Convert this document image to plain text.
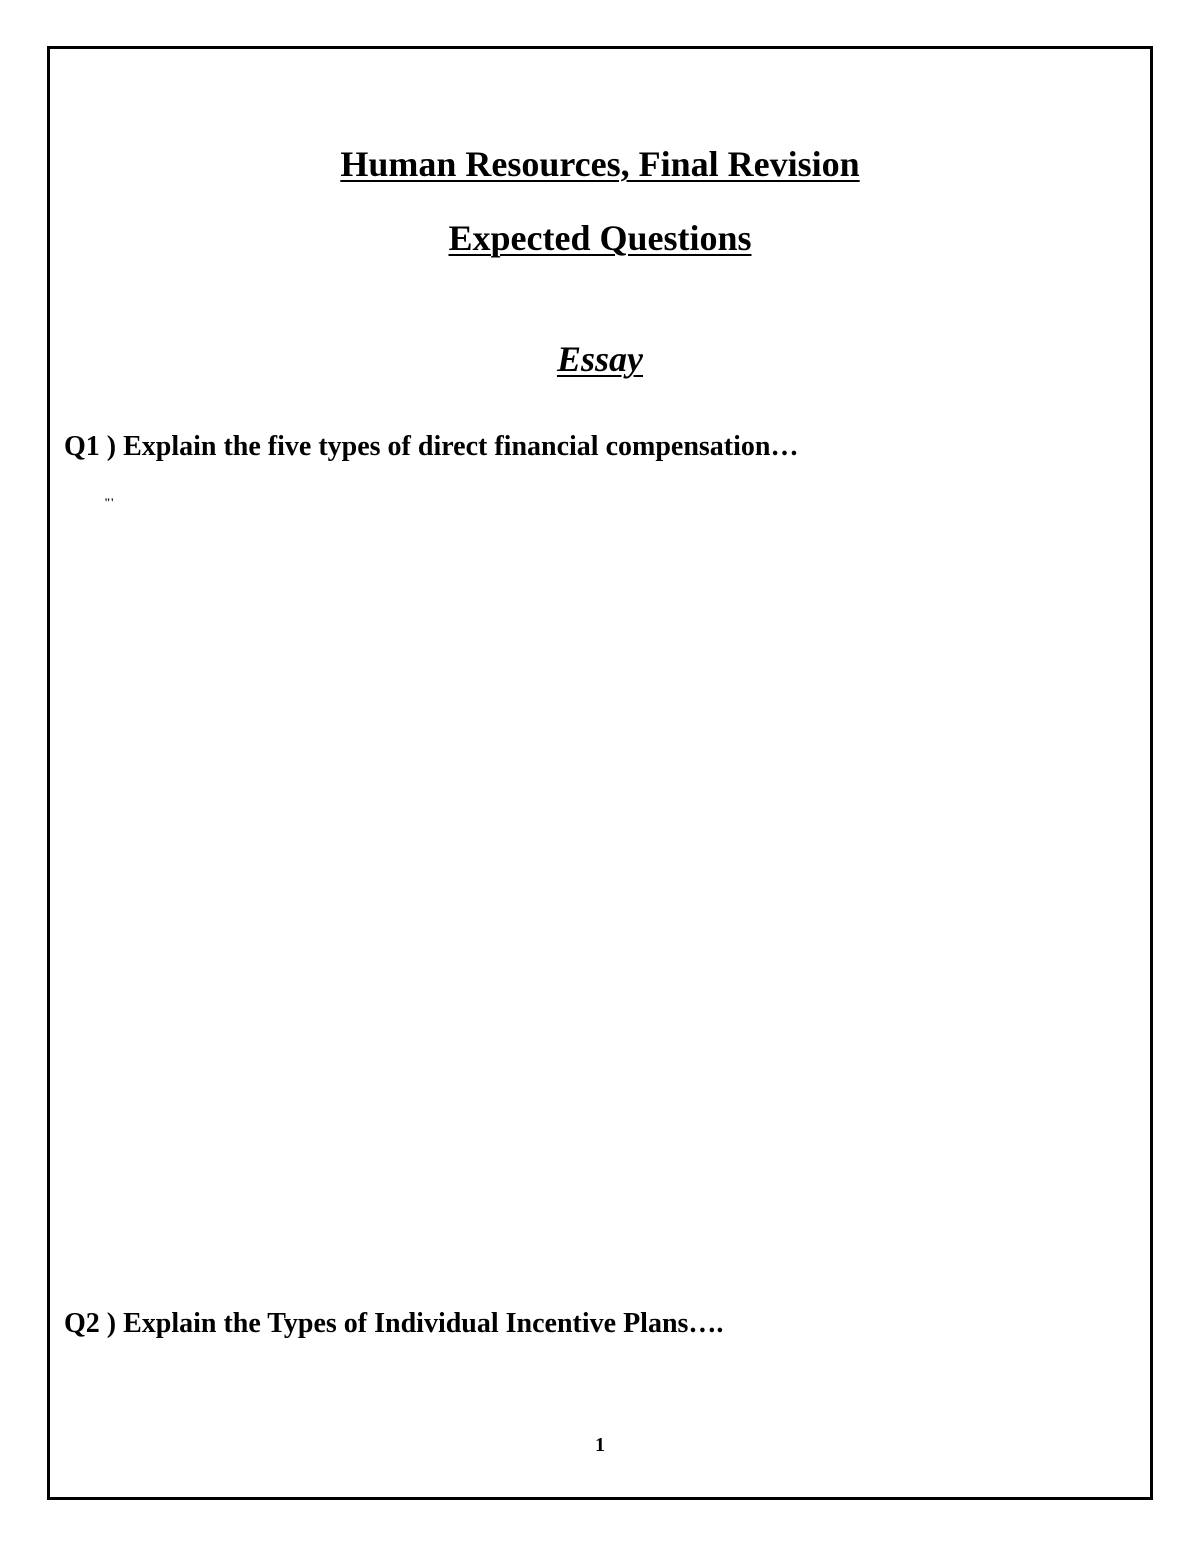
Human Resources, Final Revision
Expected Questions
Essay

Q1 ) Explain the five types of direct financial compensation…

"'

Q2 ) Explain the Types of Individual Incentive Plans….

1
